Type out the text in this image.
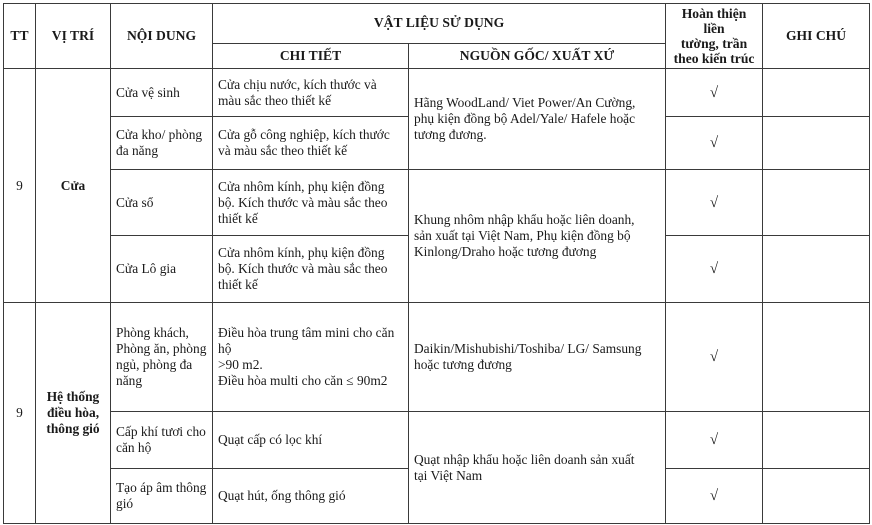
TT	VỊ TRÍ	NỘI DUNG	VẬT LIỆU SỬ DỤNG		Hoàn thiện liền
tường, trần
theo kiến trúc	GHI CHÚ
			CHI TIẾT	NGUỒN GỐC/ XUẤT XỨ		
9	Cửa	Cửa vệ sinh	Cửa chịu nước, kích thước và
màu sắc theo thiết kế	Hãng WoodLand/ Viet Power/An Cường,
phụ kiện đồng bộ Adel/Yale/ Hafele hoặc
tương đương.	√	
		Cửa kho/ phòng
đa năng	Cửa gỗ công nghiệp, kích thước
và màu sắc theo thiết kế		√	
		Cửa sổ	Cửa nhôm kính, phụ kiện đồng
bộ. Kích thước và màu sắc theo
thiết kế	Khung nhôm nhập khẩu hoặc liên doanh,
sản xuất tại Việt Nam, Phụ kiện đồng bộ
Kinlong/Draho hoặc tương đương	√	
		Cửa Lô gia	Cửa nhôm kính, phụ kiện đồng
bộ. Kích thước và màu sắc theo
thiết kế		√	
9	Hệ thống
điều hòa,
thông gió	Phòng khách,
Phòng ăn, phòng
ngủ, phòng đa
năng	Điều hòa trung tâm mini cho căn
hộ
>90 m2.
Điều hòa multi cho căn ≤ 90m2	Daikin/Mishubishi/Toshiba/ LG/ Samsung
hoặc tương đương	√	
		Cấp khí tươi cho
căn hộ	Quạt cấp có lọc khí	Quạt nhập khẩu hoặc liên doanh sản xuất
tại Việt Nam	√	
		Tạo áp âm thông
gió	Quạt hút, ống thông gió		√	
